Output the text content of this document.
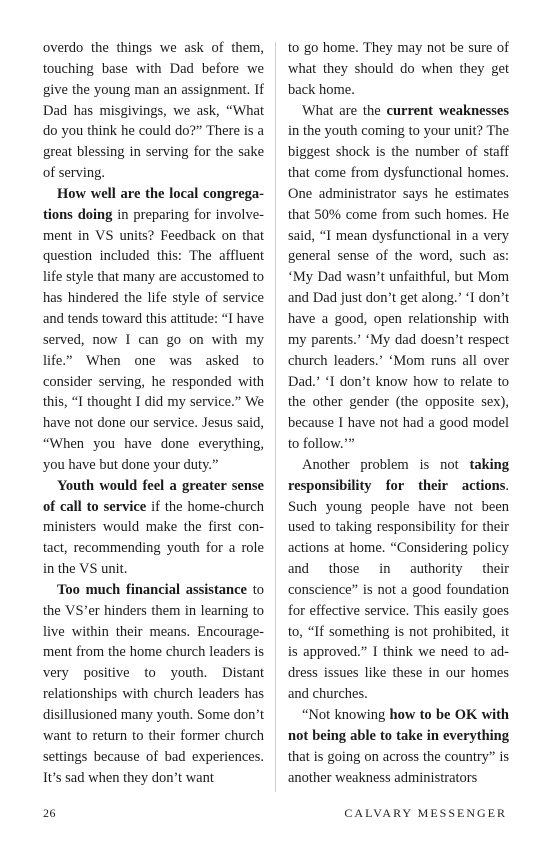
overdo the things we ask of them, touching base with Dad before we give the young man an assignment. If Dad has misgivings, we ask, “What do you think he could do?” There is a great blessing in serving for the sake of serving.

How well are the local congregations doing in preparing for involvement in VS units? Feedback on that question included this: The affluent life style that many are accustomed to has hindered the life style of service and tends toward this attitude: “I have served, now I can go on with my life.” When one was asked to consider serving, he responded with this, “I thought I did my service.” We have not done our service. Jesus said, “When you have done everything, you have but done your duty.”

Youth would feel a greater sense of call to service if the home-church ministers would make the first contact, recommending youth for a role in the VS unit.

Too much financial assistance to the VS’er hinders them in learning to live within their means. Encouragement from the home church leaders is very positive to youth. Distant relationships with church leaders has disillusioned many youth. Some don’t want to return to their former church settings because of bad experiences. It’s sad when they don’t want

to go home. They may not be sure of what they should do when they get back home.

What are the current weaknesses in the youth coming to your unit? The biggest shock is the number of staff that come from dysfunctional homes. One administrator says he estimates that 50% come from such homes. He said, “I mean dysfunctional in a very general sense of the word, such as: ‘My Dad wasn’t unfaithful, but Mom and Dad just don’t get along.’ ‘I don’t have a good, open relationship with my parents.’ ‘My dad doesn’t respect church leaders.’ ‘Mom runs all over Dad.’ ‘I don’t know how to relate to the other gender (the opposite sex), because I have not had a good model to follow.’”

Another problem is not taking responsibility for their actions. Such young people have not been used to taking responsibility for their actions at home. “Considering policy and those in authority their conscience” is not a good foundation for effective service. This easily goes to, “If something is not prohibited, it is approved.” I think we need to address issues like these in our homes and churches.

“Not knowing how to be OK with not being able to take in everything that is going on across the country” is another weakness administrators

26	CALVARY MESSENGER
